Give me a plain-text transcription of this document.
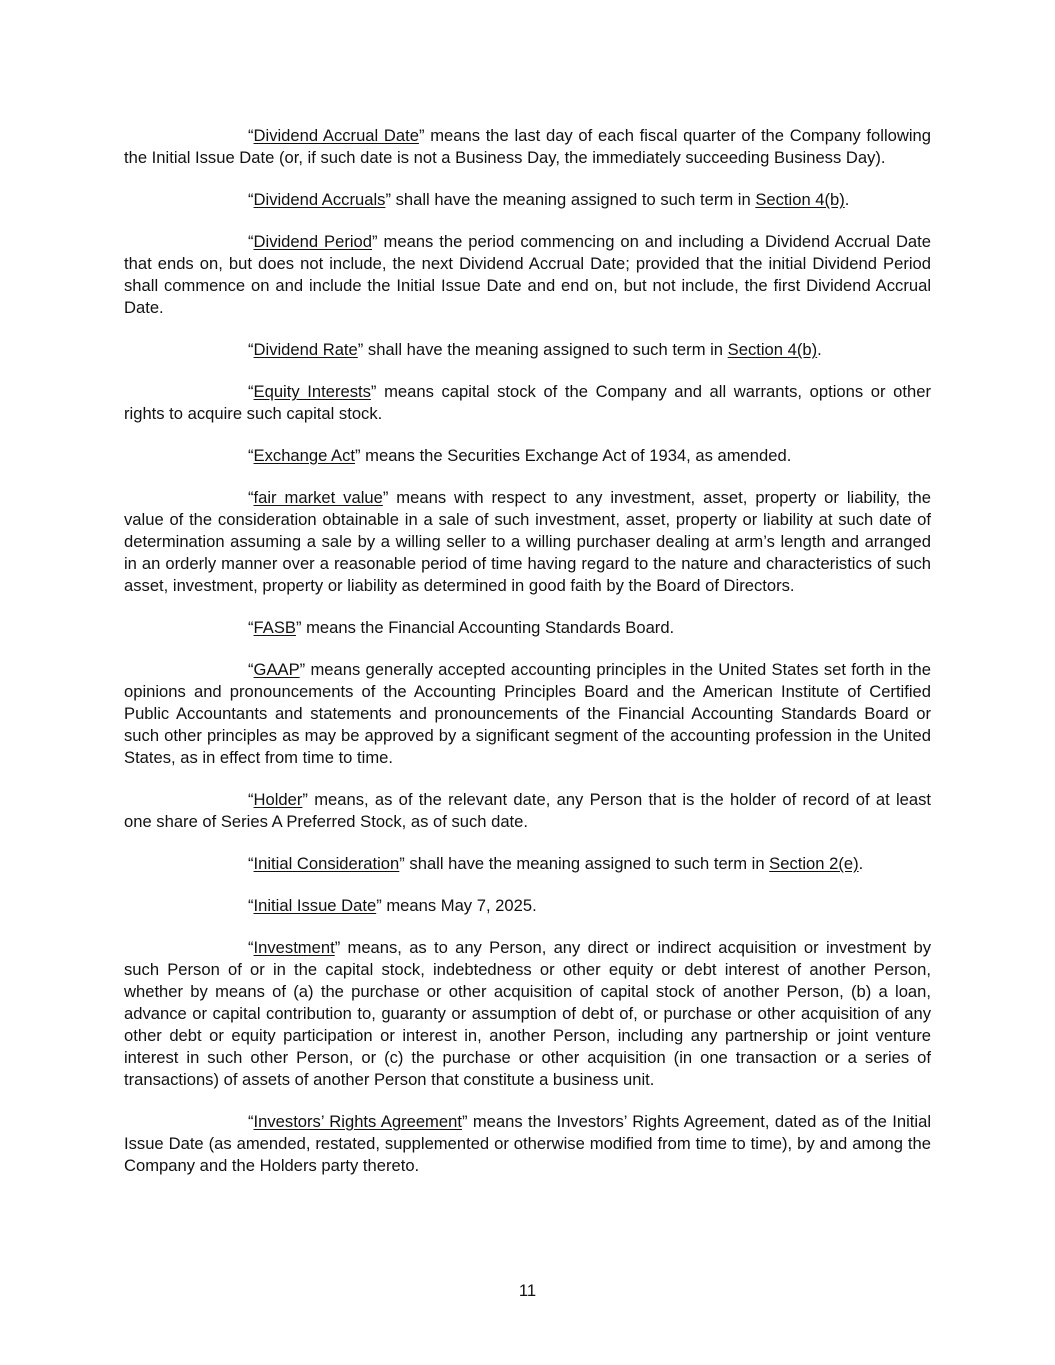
“Dividend Accrual Date” means the last day of each fiscal quarter of the Company following the Initial Issue Date (or, if such date is not a Business Day, the immediately succeeding Business Day).

“Dividend Accruals” shall have the meaning assigned to such term in Section 4(b).

“Dividend Period” means the period commencing on and including a Dividend Accrual Date that ends on, but does not include, the next Dividend Accrual Date; provided that the initial Dividend Period shall commence on and include the Initial Issue Date and end on, but not include, the first Dividend Accrual Date.

“Dividend Rate” shall have the meaning assigned to such term in Section 4(b).

“Equity Interests” means capital stock of the Company and all warrants, options or other rights to acquire such capital stock.

“Exchange Act” means the Securities Exchange Act of 1934, as amended.

“fair market value” means with respect to any investment, asset, property or liability, the value of the consideration obtainable in a sale of such investment, asset, property or liability at such date of determination assuming a sale by a willing seller to a willing purchaser dealing at arm’s length and arranged in an orderly manner over a reasonable period of time having regard to the nature and characteristics of such asset, investment, property or liability as determined in good faith by the Board of Directors.

“FASB” means the Financial Accounting Standards Board.

“GAAP” means generally accepted accounting principles in the United States set forth in the opinions and pronouncements of the Accounting Principles Board and the American Institute of Certified Public Accountants and statements and pronouncements of the Financial Accounting Standards Board or such other principles as may be approved by a significant segment of the accounting profession in the United States, as in effect from time to time.

“Holder” means, as of the relevant date, any Person that is the holder of record of at least one share of Series A Preferred Stock, as of such date.

“Initial Consideration” shall have the meaning assigned to such term in Section 2(e).

“Initial Issue Date” means May 7, 2025.

“Investment” means, as to any Person, any direct or indirect acquisition or investment by such Person of or in the capital stock, indebtedness or other equity or debt interest of another Person, whether by means of (a) the purchase or other acquisition of capital stock of another Person, (b) a loan, advance or capital contribution to, guaranty or assumption of debt of, or purchase or other acquisition of any other debt or equity participation or interest in, another Person, including any partnership or joint venture interest in such other Person, or (c) the purchase or other acquisition (in one transaction or a series of transactions) of assets of another Person that constitute a business unit.

“Investors’ Rights Agreement” means the Investors’ Rights Agreement, dated as of the Initial Issue Date (as amended, restated, supplemented or otherwise modified from time to time), by and among the Company and the Holders party thereto.

11
